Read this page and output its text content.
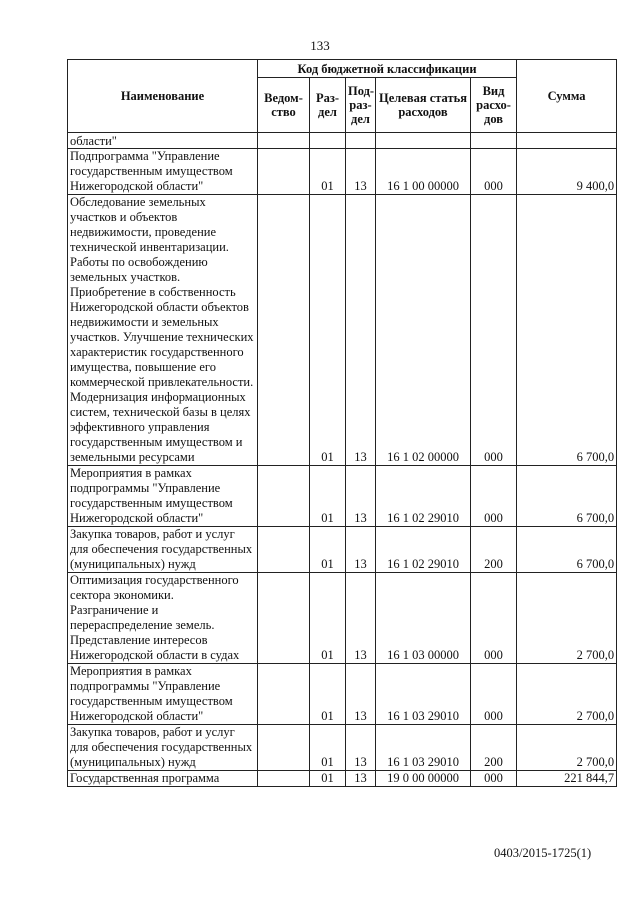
133
Наименование	Код бюджетной классификации					Сумма
	Ведом-ство	Раз-дел	Под-раз-дел	Целевая статья расходов	Вид расхо-дов	
области"						
Подпрограмма "Управление государственным имуществом Нижегородской области"		01	13	16 1 00 00000	000	9 400,0
Обследование земельных участков и объектов недвижимости, проведение технической инвентаризации. Работы по освобождению земельных участков. Приобретение в собственность Нижегородской области объектов недвижимости и земельных участков. Улучшение технических характеристик государственного имущества, повышение его коммерческой привлекательности. Модернизация информационных систем, технической базы в целях эффективного управления государственным имуществом и земельными ресурсами		01	13	16 1 02 00000	000	6 700,0
Мероприятия в рамках подпрограммы "Управление государственным имуществом Нижегородской области"		01	13	16 1 02 29010	000	6 700,0
Закупка товаров, работ и услуг для обеспечения государственных (муниципальных) нужд		01	13	16 1 02 29010	200	6 700,0
Оптимизация государственного сектора экономики. Разграничение и перераспределение земель. Представление интересов Нижегородской области в судах		01	13	16 1 03 00000	000	2 700,0
Мероприятия в рамках подпрограммы "Управление государственным имуществом Нижегородской области"		01	13	16 1 03 29010	000	2 700,0
Закупка товаров, работ и услуг для обеспечения государственных (муниципальных) нужд		01	13	16 1 03 29010	200	2 700,0
Государственная программа		01	13	19 0 00 00000	000	221 844,7
0403/2015-1725(1)
